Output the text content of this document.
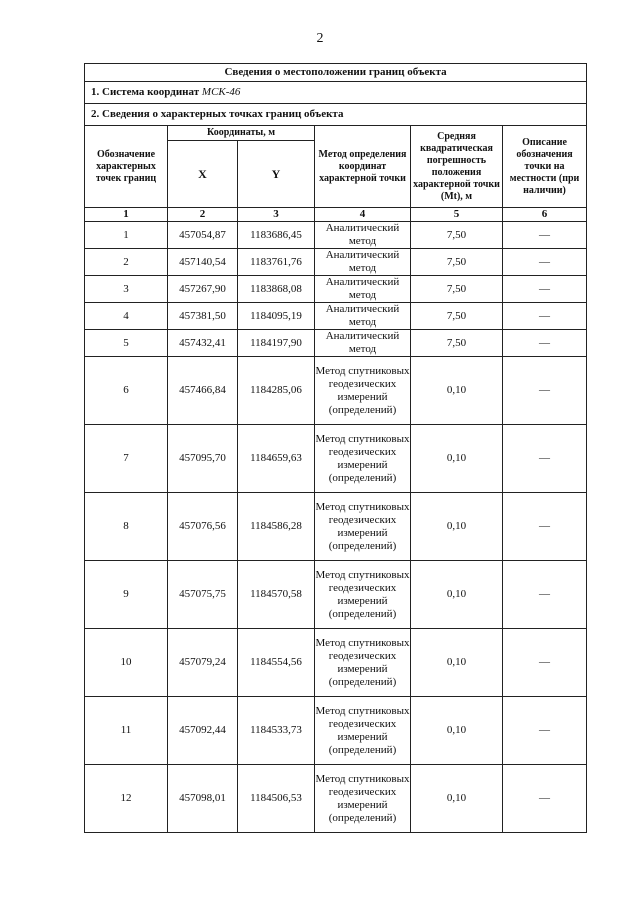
2
Сведения о местоположении границ объекта					
1. Система координат МСК-46					
2. Сведения о характерных точках границ объекта					
Обозначение характерных точек границ	Координаты, м		Метод определения координат характерной точки	Средняя квадратическая погрешность положения характерной точки (Mt), м	Описание обозначения точки на местности (при наличии)
	X	Y			
1	2	3	4	5	6
1	457054,87	1183686,45	Аналитический метод	7,50	—
2	457140,54	1183761,76	Аналитический метод	7,50	—
3	457267,90	1183868,08	Аналитический метод	7,50	—
4	457381,50	1184095,19	Аналитический метод	7,50	—
5	457432,41	1184197,90	Аналитический метод	7,50	—
6	457466,84	1184285,06	Метод спутниковых геодезических измерений (определений)	0,10	—
7	457095,70	1184659,63	Метод спутниковых геодезических измерений (определений)	0,10	—
8	457076,56	1184586,28	Метод спутниковых геодезических измерений (определений)	0,10	—
9	457075,75	1184570,58	Метод спутниковых геодезических измерений (определений)	0,10	—
10	457079,24	1184554,56	Метод спутниковых геодезических измерений (определений)	0,10	—
11	457092,44	1184533,73	Метод спутниковых геодезических измерений (определений)	0,10	—
12	457098,01	1184506,53	Метод спутниковых геодезических измерений (определений)	0,10	—
